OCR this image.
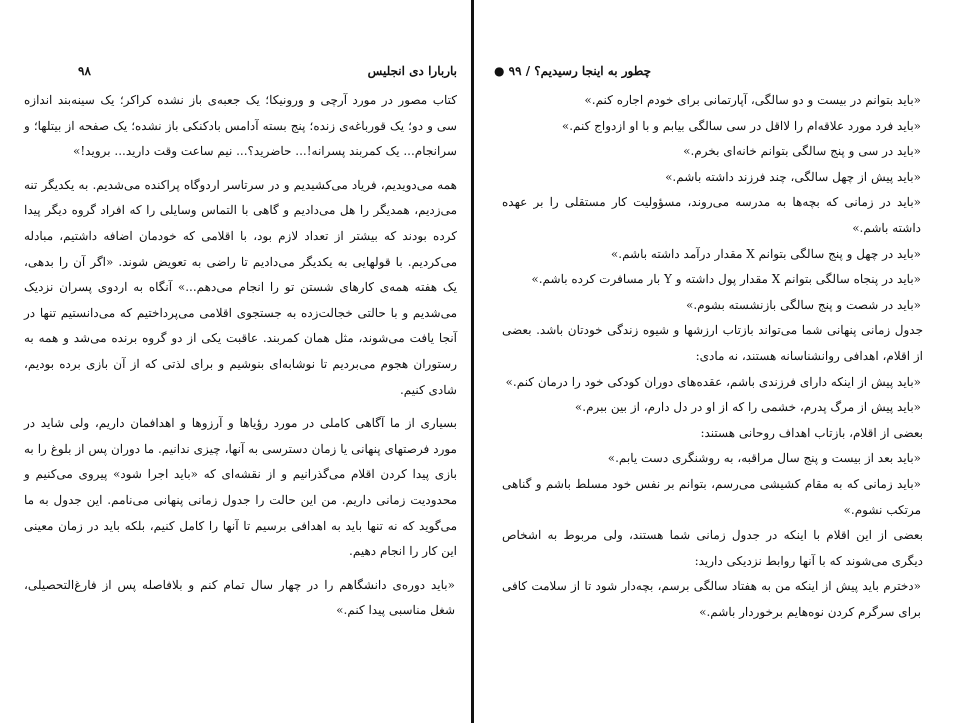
باربارا دی انجلیس
۹۸

کتاب مصور در مورد آرچی و ورونیکا؛ یک جعبه‌ی باز نشده کراکر؛ یک سینه‌بند اندازه سی و دو؛ یک قورباغه‌ی زنده؛ پنج بسته آدامس بادکنکی باز نشده؛ یک صفحه از بیتلها؛ و سرانجام... یک کمربند پسرانه!... حاضرید؟... نیم ساعت وقت دارید... بروید!»

همه می‌دویدیم، فریاد می‌کشیدیم و در سرتاسر اردوگاه پراکنده می‌شدیم. به یکدیگر تنه می‌زدیم، همدیگر را هل می‌دادیم و گاهی با التماس وسایلی را که افراد گروه دیگر پیدا کرده بودند که بیشتر از تعداد لازم بود، با اقلامی که خودمان اضافه داشتیم، مبادله می‌کردیم. با قولهایی به یکدیگر می‌دادیم تا راضی به تعویض شوند. «اگر آن را بدهی، یک هفته همه‌ی کارهای شستن تو را انجام می‌دهم...» آنگاه به اردوی پسران نزدیک می‌شدیم و با حالتی خجالت‌زده به جستجوی اقلامی می‌پرداختیم که می‌دانستیم تنها در آنجا یافت می‌شوند، مثل همان کمربند. عاقبت یکی از دو گروه برنده می‌شد و همه به رستوران هجوم می‌بردیم تا نوشابه‌ای بنوشیم و برای لذتی که از آن بازی برده بودیم، شادی کنیم.

بسیاری از ما آگاهی کاملی در مورد رؤیاها و آرزوها و اهدافمان داریم، ولی شاید در مورد فرصتهای پنهانی یا زمان دسترسی به آنها، چیزی ندانیم. ما دوران پس از بلوغ را به بازی پیدا کردن اقلام می‌گذرانیم و از نقشه‌ای که «باید اجرا شود» پیروی می‌کنیم و محدودیت زمانی داریم. من این حالت را جدول زمانی پنهانی می‌نامم. این جدول به ما می‌گوید که نه تنها باید به اهدافی برسیم تا آنها را کامل کنیم، بلکه باید در زمان معینی این کار را انجام دهیم.

«باید دوره‌ی دانشگاهم را در چهار سال تمام کنم و بلافاصله پس از فارغ‌التحصیلی، شغل مناسبی پیدا کنم.»

چطور به اینجا رسیدیم؟ / ۹۹ ●

«باید بتوانم در بیست و دو سالگی، آپارتمانی برای خودم اجاره کنم.»

«باید فرد مورد علاقه‌ام را لااقل در سی سالگی بیابم و با او ازدواج کنم.»

«باید در سی و پنج سالگی بتوانم خانه‌ای بخرم.»

«باید پیش از چهل سالگی، چند فرزند داشته باشم.»

«باید در زمانی که بچه‌ها به مدرسه می‌روند، مسؤولیت کار مستقلی را بر عهده داشته باشم.»

«باید در چهل و پنج سالگی بتوانم X مقدار درآمد داشته باشم.»

«باید در پنجاه سالگی بتوانم X مقدار پول داشته و Y بار مسافرت کرده باشم.»

«باید در شصت و پنج سالگی بازنشسته بشوم.»

جدول زمانی پنهانی شما می‌تواند بازتاب ارزشها و شیوه زندگی خودتان باشد. بعضی از اقلام، اهدافی روانشناسانه هستند، نه مادی:

«باید پیش از اینکه دارای فرزندی باشم، عقده‌های دوران کودکی خود را درمان کنم.»

«باید پیش از مرگ پدرم، خشمی را که از او در دل دارم، از بین ببرم.»

بعضی از اقلام، بازتاب اهداف روحانی هستند:

«باید بعد از بیست و پنج سال مراقبه، به روشنگری دست یابم.»

«باید زمانی که به مقام کشیشی می‌رسم، بتوانم بر نفس خود مسلط باشم و گناهی مرتکب نشوم.»

بعضی از این اقلام با اینکه در جدول زمانی شما هستند، ولی مربوط به اشخاص دیگری می‌شوند که با آنها روابط نزدیکی دارید:

«دخترم باید پیش از اینکه من به هفتاد سالگی برسم، بچه‌دار شود تا از سلامت کافی برای سرگرم کردن نوه‌هایم برخوردار باشم.»
